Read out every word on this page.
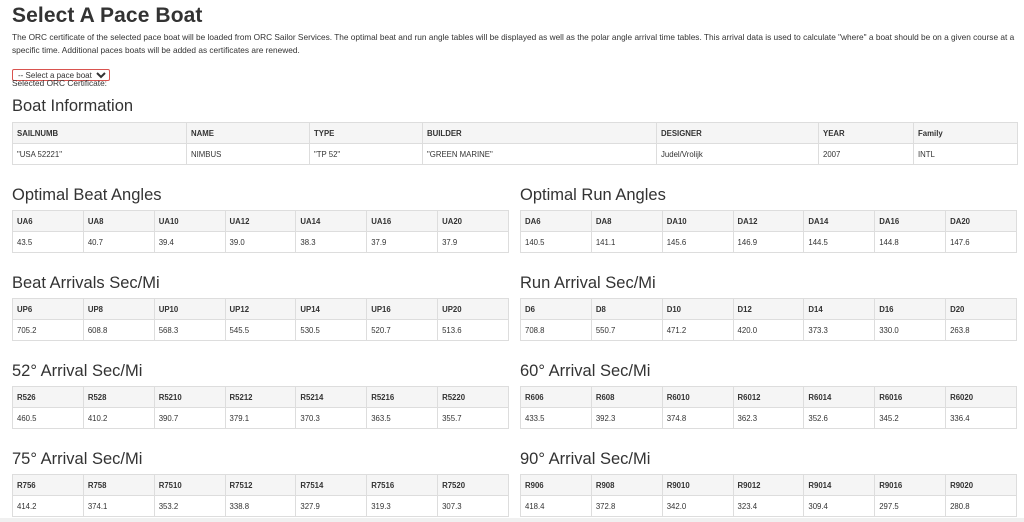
Select A Pace Boat

The ORC certificate of the selected pace boat will be loaded from ORC Sailor Services. The optimal beat and run angle tables will be displayed as well as the polar angle arrival time tables. This arrival data is used to calculate "where" a boat should be on a given course at a specific time. Additional paces boats will be added as certificates are renewed.

-- Select a pace boat --
Selected ORC Certificate:
Boat Information
SAILNUMB	NAME	TYPE	BUILDER	DESIGNER	YEAR	Family
"USA 52221"	NIMBUS	"TP 52"	"GREEN MARINE"	Judel/Vrolijk	2007	INTL
Optimal Beat Angles
UA6	UA8	UA10	UA12	UA14	UA16	UA20
43.5	40.7	39.4	39.0	38.3	37.9	37.9
Optimal Run Angles
DA6	DA8	DA10	DA12	DA14	DA16	DA20
140.5	141.1	145.6	146.9	144.5	144.8	147.6
Beat Arrivals Sec/Mi
UP6	UP8	UP10	UP12	UP14	UP16	UP20
705.2	608.8	568.3	545.5	530.5	520.7	513.6
Run Arrival Sec/Mi
D6	D8	D10	D12	D14	D16	D20
708.8	550.7	471.2	420.0	373.3	330.0	263.8
52° Arrival Sec/Mi
R526	R528	R5210	R5212	R5214	R5216	R5220
460.5	410.2	390.7	379.1	370.3	363.5	355.7
60° Arrival Sec/Mi
R606	R608	R6010	R6012	R6014	R6016	R6020
433.5	392.3	374.8	362.3	352.6	345.2	336.4
75° Arrival Sec/Mi
R756	R758	R7510	R7512	R7514	R7516	R7520
414.2	374.1	353.2	338.8	327.9	319.3	307.3
90° Arrival Sec/Mi
R906	R908	R9010	R9012	R9014	R9016	R9020
418.4	372.8	342.0	323.4	309.4	297.5	280.8
